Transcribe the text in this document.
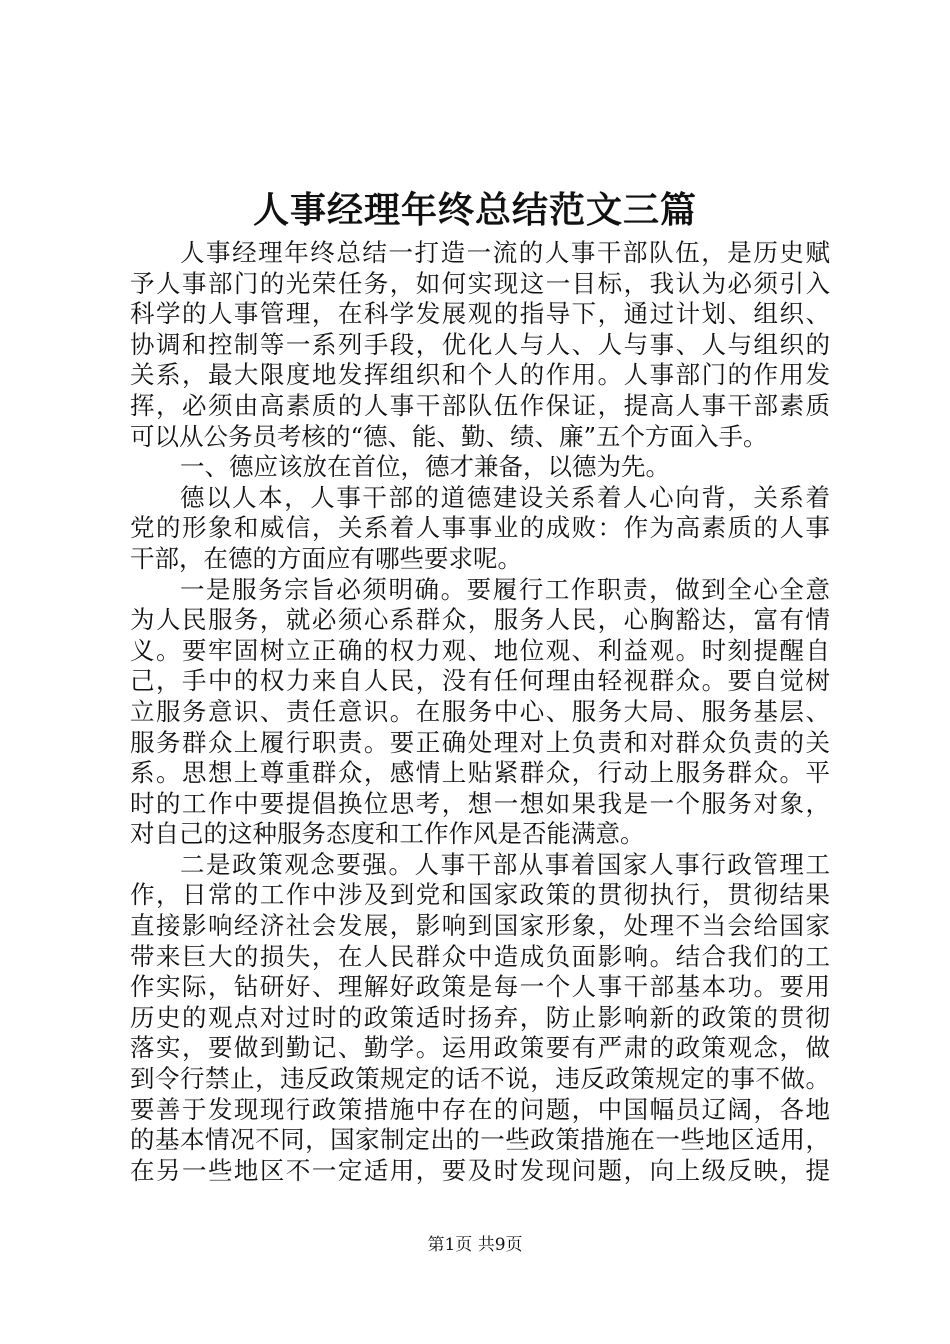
人事经理年终总结范文三篇
人事经理年终总结一打造一流的人事干部队伍，是历史赋
予人事部门的光荣任务，如何实现这一目标，我认为必须引入
科学的人事管理，在科学发展观的指导下，通过计划、组织、
协调和控制等一系列手段，优化人与人、人与事、人与组织的
关系，最大限度地发挥组织和个人的作用。人事部门的作用发
挥，必须由高素质的人事干部队伍作保证，提高人事干部素质
可以从公务员考核的“德、能、勤、绩、廉”五个方面入手。
一、德应该放在首位，德才兼备，以德为先。
德以人本，人事干部的道德建设关系着人心向背，关系着
党的形象和威信，关系着人事事业的成败：作为高素质的人事
干部，在德的方面应有哪些要求呢。
一是服务宗旨必须明确。要履行工作职责，做到全心全意
为人民服务，就必须心系群众，服务人民，心胸豁达，富有情
义。要牢固树立正确的权力观、地位观、利益观。时刻提醒自
己，手中的权力来自人民，没有任何理由轻视群众。要自觉树
立服务意识、责任意识。在服务中心、服务大局、服务基层、
服务群众上履行职责。要正确处理对上负责和对群众负责的关
系。思想上尊重群众，感情上贴紧群众，行动上服务群众。平
时的工作中要提倡换位思考，想一想如果我是一个服务对象，
对自己的这种服务态度和工作作风是否能满意。
二是政策观念要强。人事干部从事着国家人事行政管理工
作，日常的工作中涉及到党和国家政策的贯彻执行，贯彻结果
直接影响经济社会发展，影响到国家形象，处理不当会给国家
带来巨大的损失，在人民群众中造成负面影响。结合我们的工
作实际，钻研好、理解好政策是每一个人事干部基本功。要用
历史的观点对过时的政策适时扬弃，防止影响新的政策的贯彻
落实，要做到勤记、勤学。运用政策要有严肃的政策观念，做
到令行禁止，违反政策规定的话不说，违反政策规定的事不做。
要善于发现现行政策措施中存在的问题，中国幅员辽阔，各地
的基本情况不同，国家制定出的一些政策措施在一些地区适用，
在另一些地区不一定适用，要及时发现问题，向上级反映，提
第1页 共9页
